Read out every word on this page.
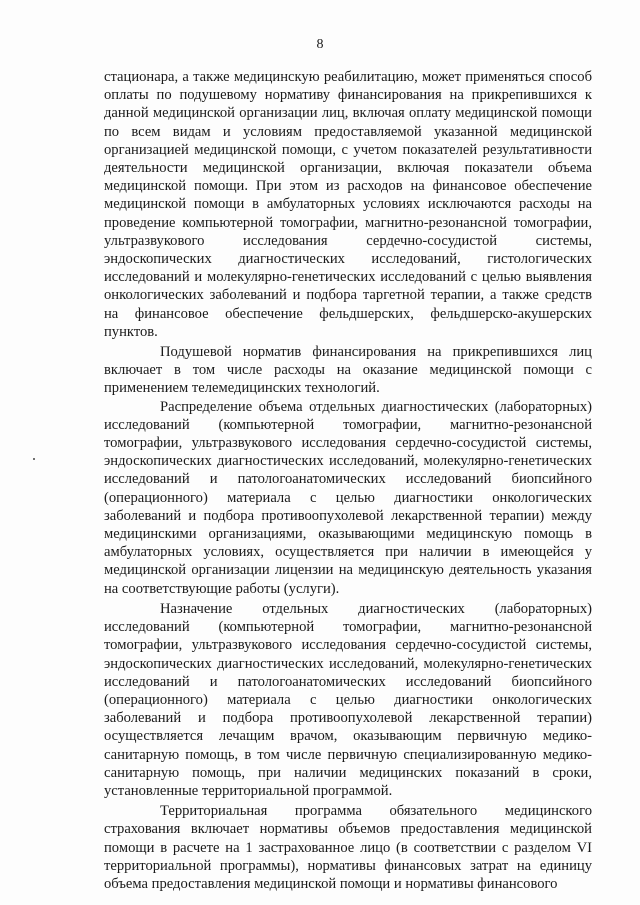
8

стационара, а также медицинскую реабилитацию, может применяться способ оплаты по подушевому нормативу финансирования на прикрепившихся к данной медицинской организации лиц, включая оплату медицинской помощи по всем видам и условиям предоставляемой указанной медицинской организацией медицинской помощи, с учетом показателей результативности деятельности медицинской организации, включая показатели объема медицинской помощи. При этом из расходов на финансовое обеспечение медицинской помощи в амбулаторных условиях исключаются расходы на проведение компьютерной томографии, магнитно-резонансной томографии, ультразвукового исследования сердечно-сосудистой системы, эндоскопических диагностических исследований, гистологических исследований и молекулярно-генетических исследований с целью выявления онкологических заболеваний и подбора таргетной терапии, а также средств на финансовое обеспечение фельдшерских, фельдшерско-акушерских пунктов.

Подушевой норматив финансирования на прикрепившихся лиц включает в том числе расходы на оказание медицинской помощи с применением телемедицинских технологий.

Распределение объема отдельных диагностических (лабораторных) исследований (компьютерной томографии, магнитно-резонансной томографии, ультразвукового исследования сердечно-сосудистой системы, эндоскопических диагностических исследований, молекулярно-генетических исследований и патологоанатомических исследований биопсийного (операционного) материала с целью диагностики онкологических заболеваний и подбора противоопухолевой лекарственной терапии) между медицинскими организациями, оказывающими медицинскую помощь в амбулаторных условиях, осуществляется при наличии в имеющейся у медицинской организации лицензии на медицинскую деятельность указания на соответствующие работы (услуги).

Назначение отдельных диагностических (лабораторных) исследований (компьютерной томографии, магнитно-резонансной томографии, ультразвукового исследования сердечно-сосудистой системы, эндоскопических диагностических исследований, молекулярно-генетических исследований и патологоанатомических исследований биопсийного (операционного) материала с целью диагностики онкологических заболеваний и подбора противоопухолевой лекарственной терапии) осуществляется лечащим врачом, оказывающим первичную медико-санитарную помощь, в том числе первичную специализированную медико-санитарную помощь, при наличии медицинских показаний в сроки, установленные территориальной программой.

Территориальная программа обязательного медицинского страхования включает нормативы объемов предоставления медицинской помощи в расчете на 1 застрахованное лицо (в соответствии с разделом VI территориальной программы), нормативы финансовых затрат на единицу объема предоставления медицинской помощи и нормативы финансового
